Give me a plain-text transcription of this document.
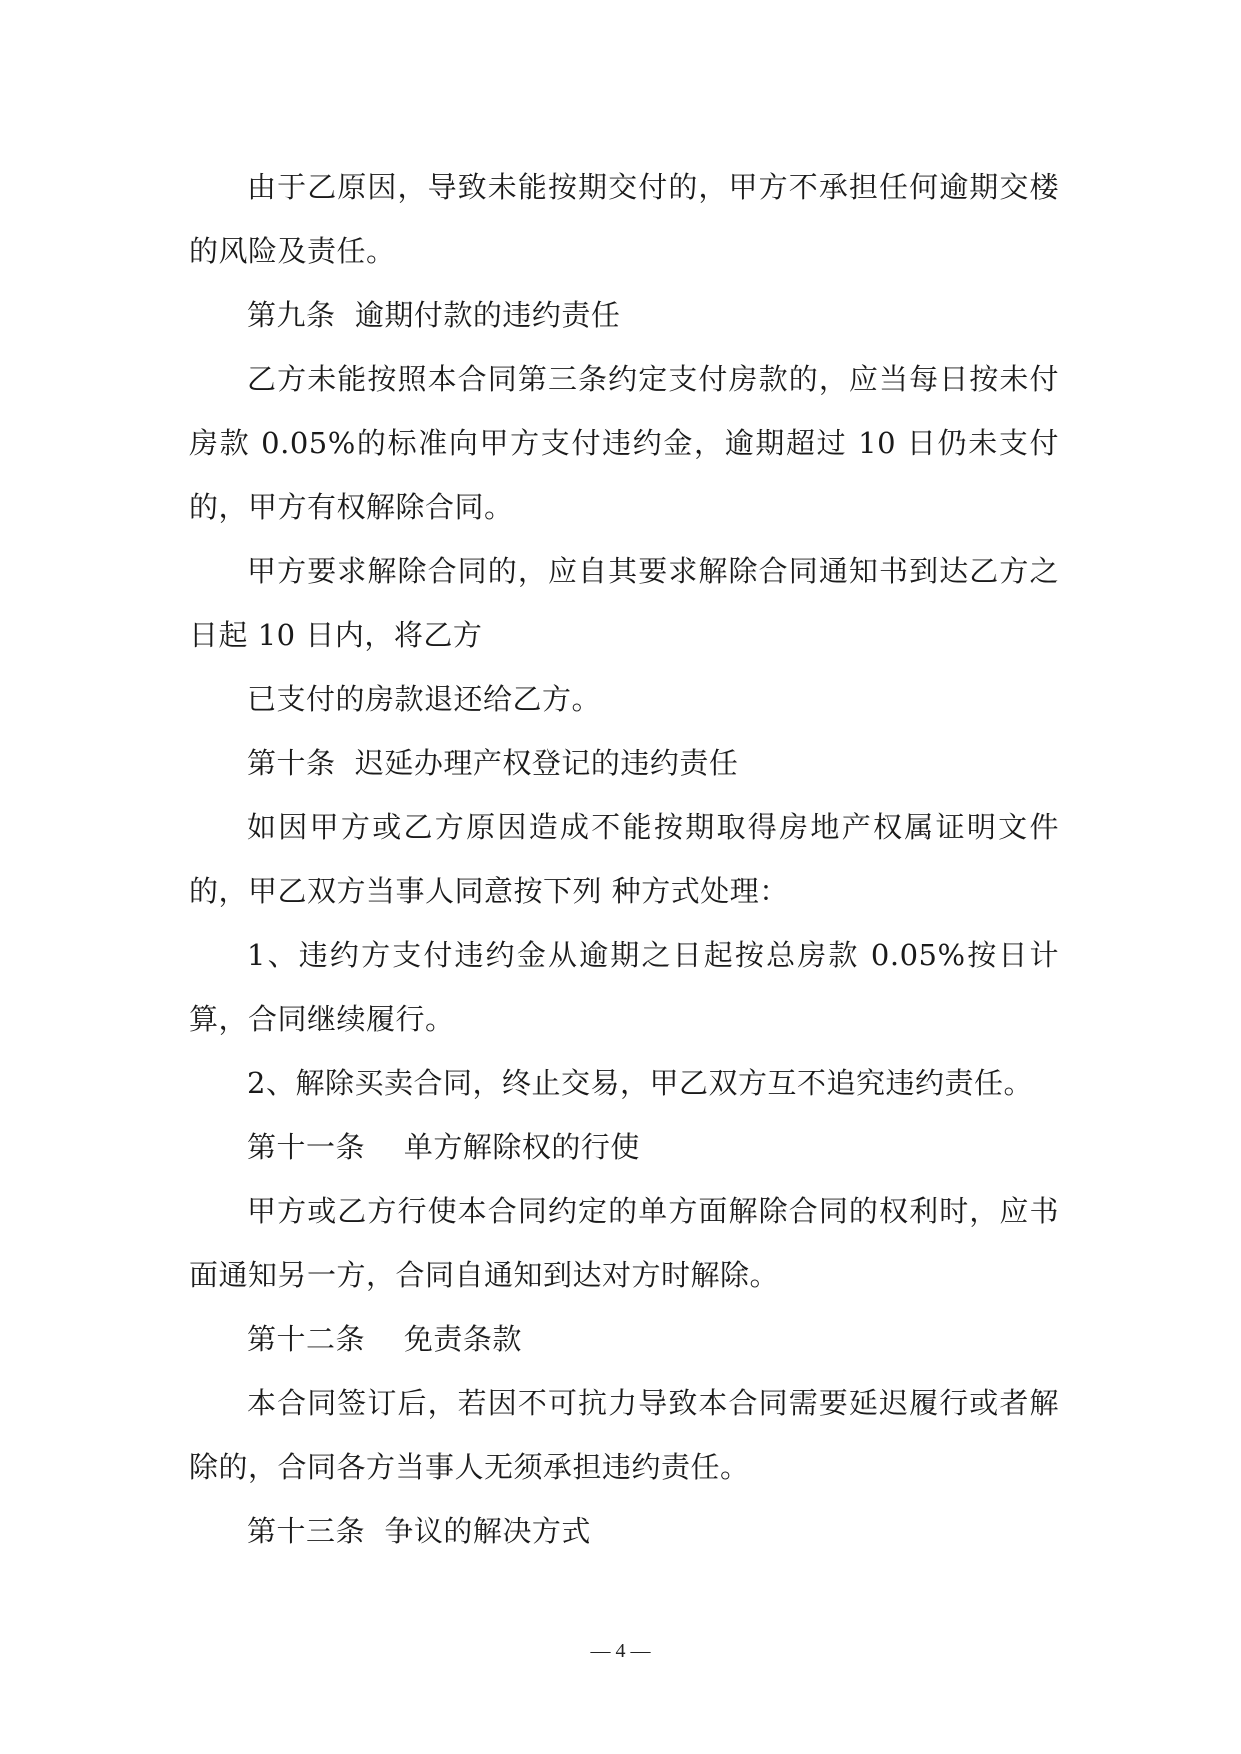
由于乙原因，导致未能按期交付的，甲方不承担任何逾期交楼的风险及责任。

第九条  逾期付款的违约责任

乙方未能按照本合同第三条约定支付房款的，应当每日按未付房款 0.05%的标准向甲方支付违约金，逾期超过 10 日仍未支付的，甲方有权解除合同。

甲方要求解除合同的，应自其要求解除合同通知书到达乙方之日起 10 日内，将乙方

已支付的房款退还给乙方。

第十条  迟延办理产权登记的违约责任

如因甲方或乙方原因造成不能按期取得房地产权属证明文件的，甲乙双方当事人同意按下列 种方式处理：

1、违约方支付违约金从逾期之日起按总房款 0.05%按日计算，合同继续履行。

2、解除买卖合同，终止交易，甲乙双方互不追究违约责任。

第十一条    单方解除权的行使

甲方或乙方行使本合同约定的单方面解除合同的权利时，应书面通知另一方，合同自通知到达对方时解除。

第十二条    免责条款

本合同签订后，若因不可抗力导致本合同需要延迟履行或者解除的，合同各方当事人无须承担违约责任。

第十三条  争议的解决方式

— 4 —
